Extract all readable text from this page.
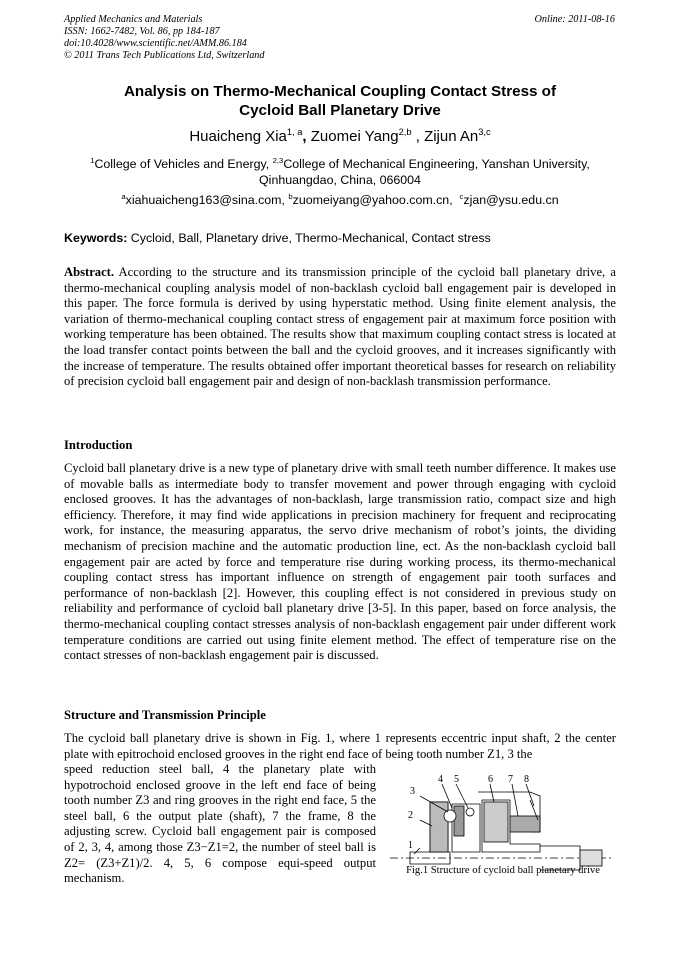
Applied Mechanics and Materials
ISSN: 1662-7482, Vol. 86, pp 184-187
doi:10.4028/www.scientific.net/AMM.86.184
© 2011 Trans Tech Publications Ltd, Switzerland
Online: 2011-08-16
Analysis on Thermo-Mechanical Coupling Contact Stress of
Cycloid Ball Planetary Drive
Huaicheng Xia$^{1, a}$, Zuomei Yang$^{2,b}$ , Zijun An$^{3,c}$
$^1$College of Vehicles and Energy, $^{2,3}$College of Mechanical Engineering, Yanshan University,
Qinhuangdao, China, 066004
$^a$xiahuaicheng163@sina.com, $^b$zuomeiyang@yahoo.com.cn,  $^c$zjan@ysu.edu.cn
Keywords: Cycloid, Ball, Planetary drive, Thermo-Mechanical, Contact stress
Abstract. According to the structure and its transmission principle of the cycloid ball planetary drive, a thermo-mechanical coupling analysis model of non-backlash cycloid ball engagement pair is developed in this paper. The force formula is derived by using hyperstatic method. Using finite element analysis, the variation of thermo-mechanical coupling contact stress of engagement pair at maximum force position with working temperature has been obtained. The results show that maximum coupling contact stress is located at the load transfer contact points between the ball and the cycloid grooves, and it increases significantly with the increase of temperature. The results obtained offer important theoretical basses for research on reliability of precision cycloid ball engagement pair and design of non-backlash transmission performance.
Introduction
Cycloid ball planetary drive is a new type of planetary drive with small teeth number difference. It makes use of movable balls as intermediate body to transfer movement and power through engaging with cycloid enclosed grooves. It has the advantages of non-backlash, large transmission ratio, compact size and high efficiency. Therefore, it may find wide applications in precision machinery for frequent and reciprocating work, for instance, the measuring apparatus, the servo drive mechanism of robot’s joints, the dividing mechanism of precision machine and the automatic production line, ect. As the non-backlash cycloid ball engagement pair are acted by force and temperature rise during working process, its thermo-mechanical coupling contact stress has important influence on strength of engagement pair tooth surfaces and performance of non-backlash [2]. However, this coupling effect is not considered in previous study on reliability and performance of cycloid ball planetary drive [3-5]. In this paper, based on force analysis, the thermo-mechanical coupling contact stresses analysis of non-backlash engagement pair under different work temperature conditions are carried out using finite element method. The effect of temperature rise on the contact stresses of non-backlash engagement pair is discussed.
Structure and Transmission Principle
The cycloid ball planetary drive is shown in Fig. 1, where 1 represents eccentric input shaft, 2 the center plate with epitrochoid enclosed grooves in the right end face of being tooth number Z1, 3 the
speed reduction steel ball, 4 the planetary plate with hypotrochoid enclosed groove in the left end face of being tooth number Z3 and ring grooves in the right end face, 5 the steel ball, 6 the output plate (shaft), 7 the frame, 8 the adjusting screw. Cycloid ball engagement pair is composed of 2, 3, 4, among those Z3−Z1=2, the number of steel ball is Z2= (Z3+Z1)/2. 4, 5, 6 compose equi-speed output mechanism.
1
2
3
4 5	6 7 8
Fig.1 Structure of cycloid ball planetary drive
